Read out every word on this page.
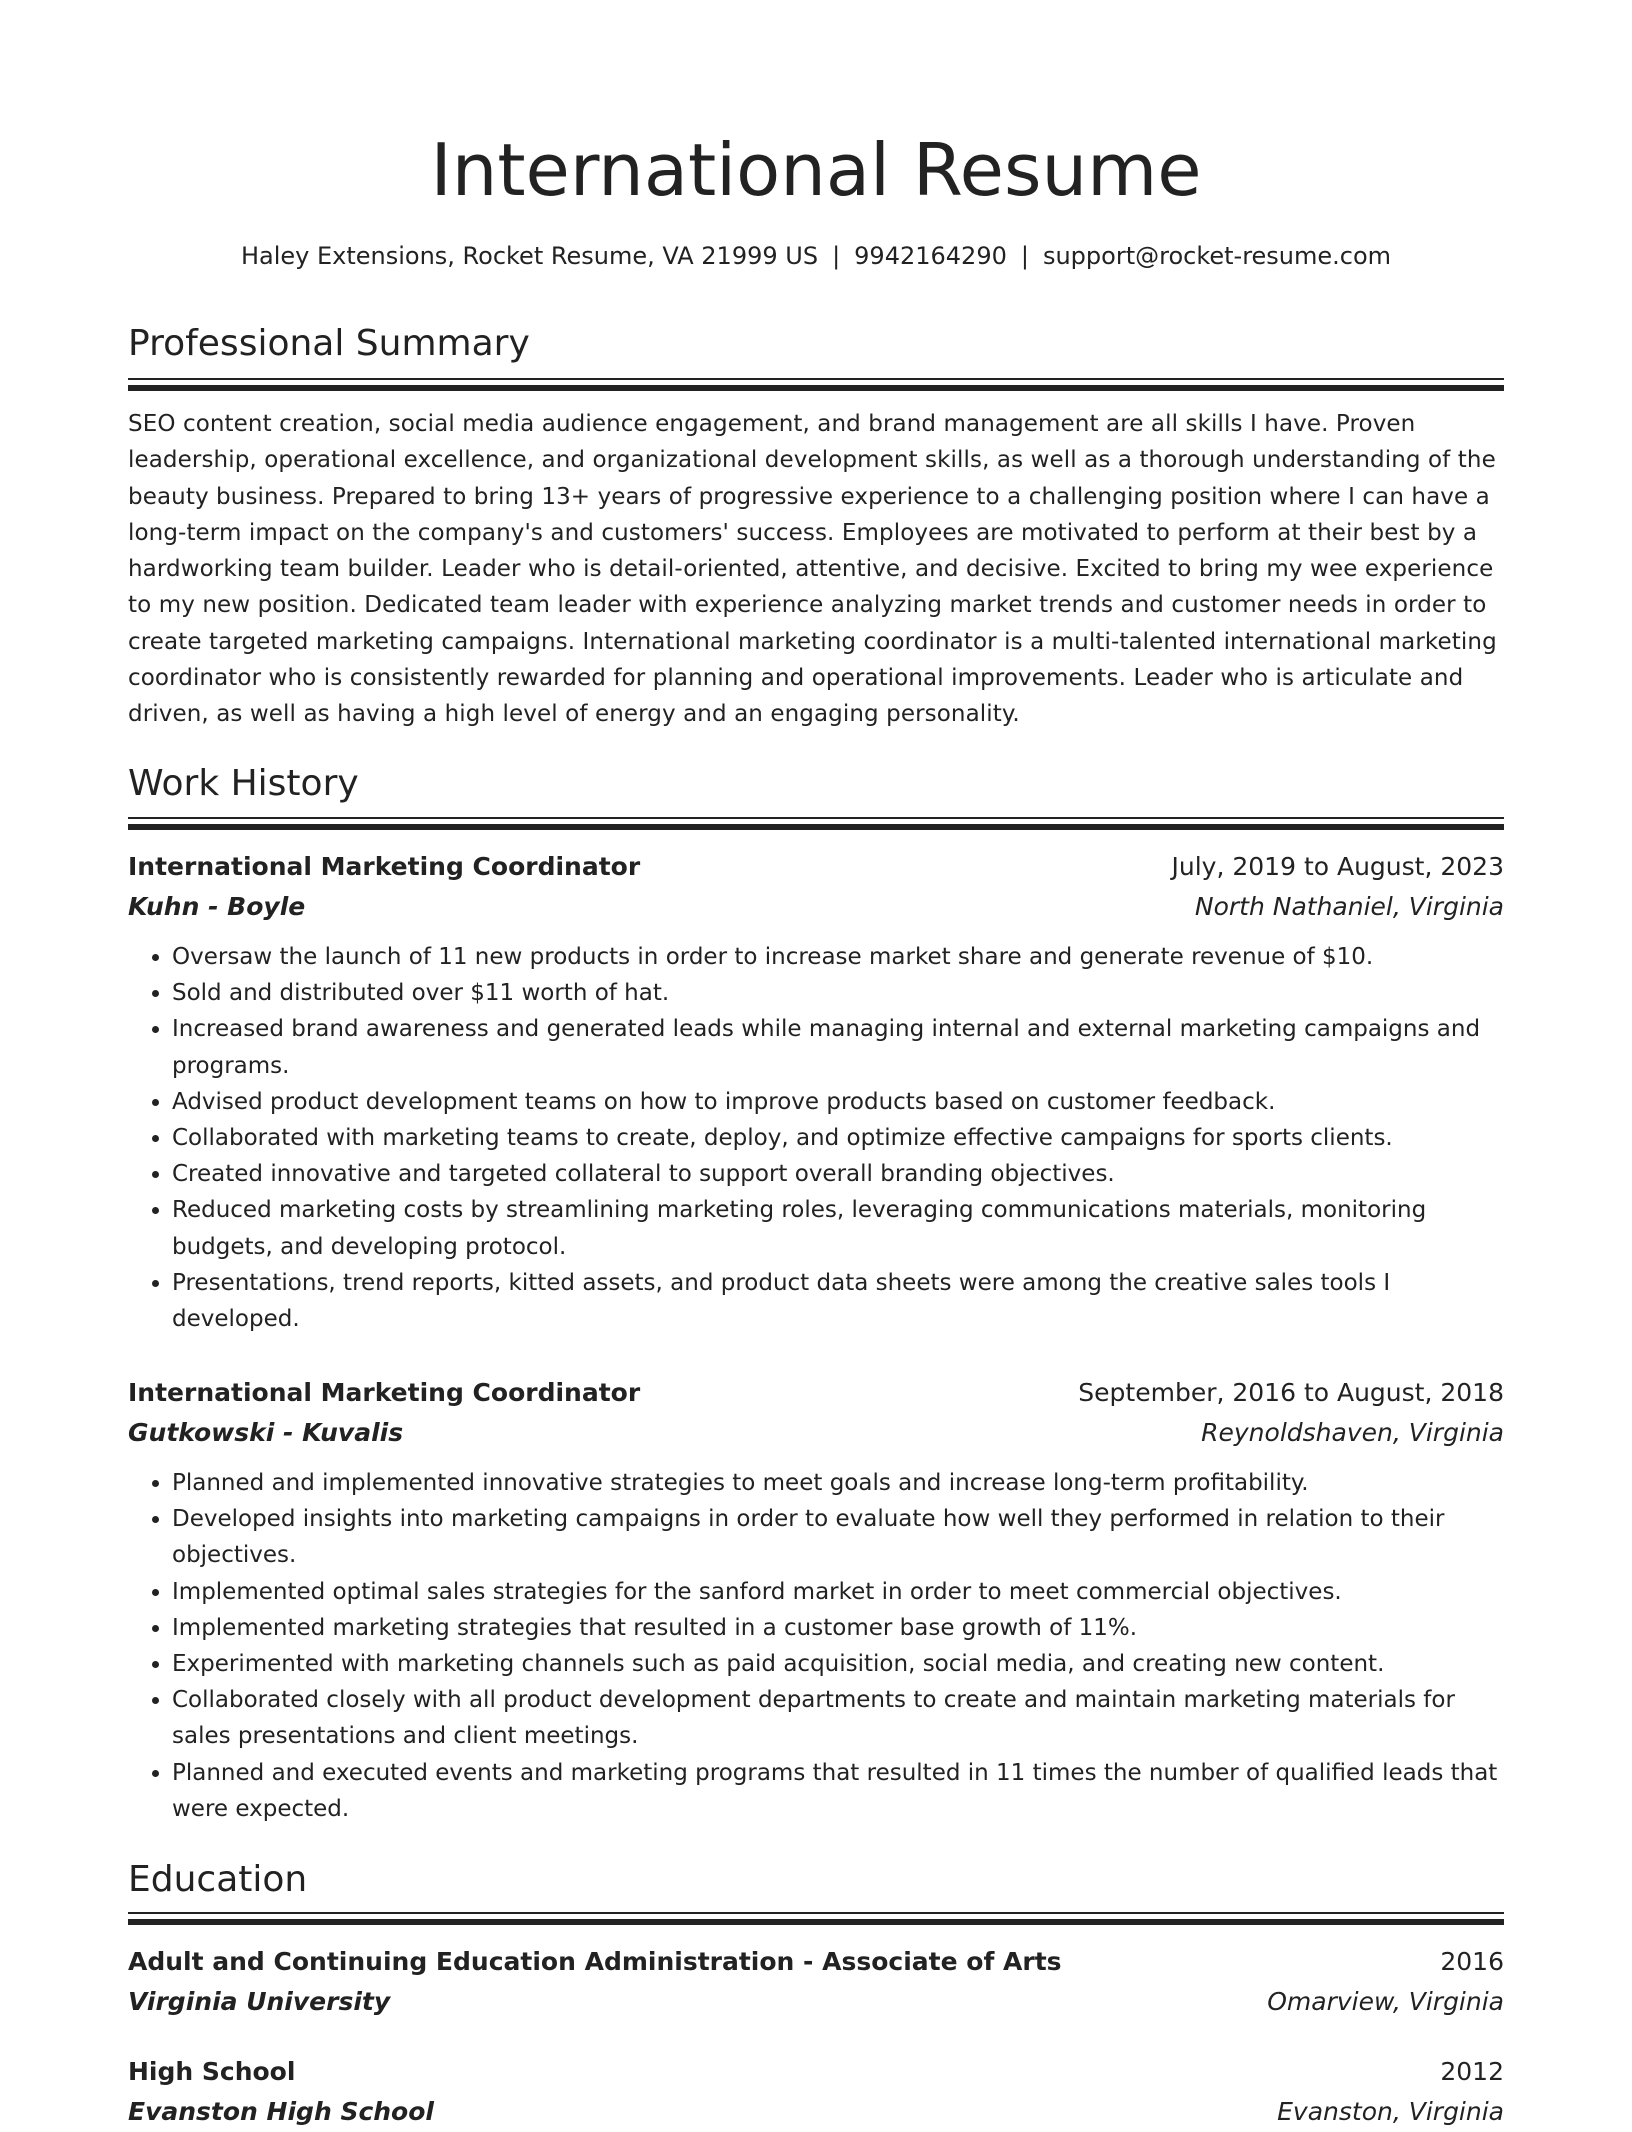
International Resume
Haley Extensions, Rocket Resume, VA 21999 US | 9942164290 | support@rocket-resume.com
Professional Summary

SEO content creation, social media audience engagement, and brand management are all skills I have. Proven leadership, operational excellence, and organizational development skills, as well as a thorough understanding of the beauty business. Prepared to bring 13+ years of progressive experience to a challenging position where I can have a long-term impact on the company's and customers' success. Employees are motivated to perform at their best by a hardworking team builder. Leader who is detail-oriented, attentive, and decisive. Excited to bring my wee experience to my new position. Dedicated team leader with experience analyzing market trends and customer needs in order to create targeted marketing campaigns. International marketing coordinator is a multi-talented international marketing coordinator who is consistently rewarded for planning and operational improvements. Leader who is articulate and driven, as well as having a high level of energy and an engaging personality.

Work History
International Marketing Coordinator	July, 2019 to August, 2023
Kuhn - Boyle	North Nathaniel, Virginia
• Oversaw the launch of 11 new products in order to increase market share and generate revenue of $10.
• Sold and distributed over $11 worth of hat.
• Increased brand awareness and generated leads while managing internal and external marketing campaigns and programs.
• Advised product development teams on how to improve products based on customer feedback.
• Collaborated with marketing teams to create, deploy, and optimize effective campaigns for sports clients.
• Created innovative and targeted collateral to support overall branding objectives.
• Reduced marketing costs by streamlining marketing roles, leveraging communications materials, monitoring budgets, and developing protocol.
• Presentations, trend reports, kitted assets, and product data sheets were among the creative sales tools I developed.
International Marketing Coordinator	September, 2016 to August, 2018
Gutkowski - Kuvalis	Reynoldshaven, Virginia
• Planned and implemented innovative strategies to meet goals and increase long-term profitability.
• Developed insights into marketing campaigns in order to evaluate how well they performed in relation to their objectives.
• Implemented optimal sales strategies for the sanford market in order to meet commercial objectives.
• Implemented marketing strategies that resulted in a customer base growth of 11%.
• Experimented with marketing channels such as paid acquisition, social media, and creating new content.
• Collaborated closely with all product development departments to create and maintain marketing materials for sales presentations and client meetings.
• Planned and executed events and marketing programs that resulted in 11 times the number of qualified leads that were expected.
Education
Adult and Continuing Education Administration - Associate of Arts	2016
Virginia University	Omarview, Virginia
High School	2012
Evanston High School	Evanston, Virginia
